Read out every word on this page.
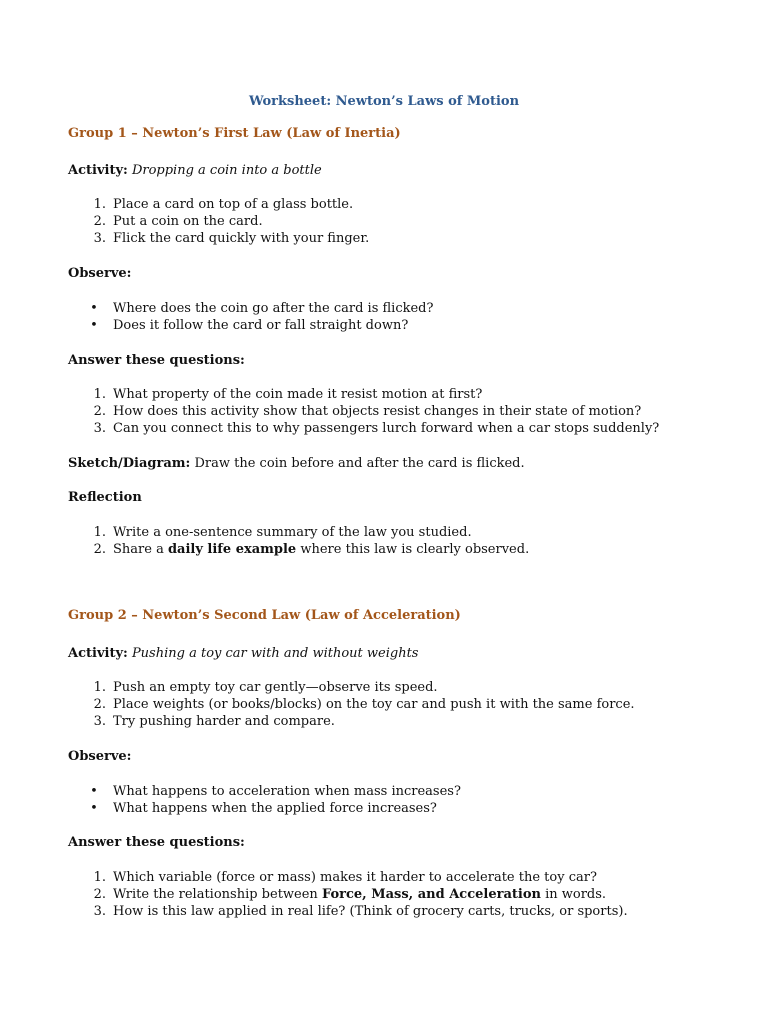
Worksheet: Newton’s Laws of Motion
Group 1 – Newton’s First Law (Law of Inertia)
Activity: Dropping a coin into a bottle
1. Place a card on top of a glass bottle.
2. Put a coin on the card.
3. Flick the card quickly with your finger.
Observe:
• Where does the coin go after the card is flicked?
• Does it follow the card or fall straight down?
Answer these questions:
1. What property of the coin made it resist motion at first?
2. How does this activity show that objects resist changes in their state of motion?
3. Can you connect this to why passengers lurch forward when a car stops suddenly?
Sketch/Diagram: Draw the coin before and after the card is flicked.
Reflection
1. Write a one-sentence summary of the law you studied.
2. Share a daily life example where this law is clearly observed.
Group 2 – Newton’s Second Law (Law of Acceleration)
Activity: Pushing a toy car with and without weights
1. Push an empty toy car gently—observe its speed.
2. Place weights (or books/blocks) on the toy car and push it with the same force.
3. Try pushing harder and compare.
Observe:
• What happens to acceleration when mass increases?
• What happens when the applied force increases?
Answer these questions:
1. Which variable (force or mass) makes it harder to accelerate the toy car?
2. Write the relationship between Force, Mass, and Acceleration in words.
3. How is this law applied in real life? (Think of grocery carts, trucks, or sports).
